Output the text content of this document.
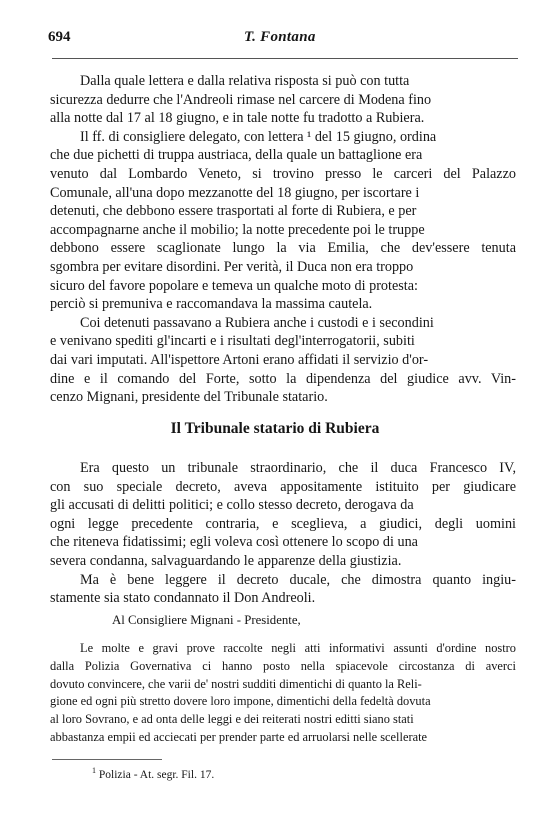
694	T. Fontana
Dalla quale lettera e dalla relativa risposta si può con tutta
sicurezza dedurre che l'Andreoli rimase nel carcere di Modena fino
alla notte dal 17 al 18 giugno, e in tale notte fu tradotto a Rubiera.
Il ff. di consigliere delegato, con lettera ¹ del 15 giugno, ordina
che due pichetti di truppa austriaca, della quale un battaglione era
venuto dal Lombardo Veneto, si trovino presso le carceri del Palazzo
Comunale, all'una dopo mezzanotte del 18 giugno, per iscortare i
detenuti, che debbono essere trasportati al forte di Rubiera, e per
accompagnarne anche il mobilio; la notte precedente poi le truppe
debbono essere scaglionate lungo la via Emilia, che dev'essere tenuta
sgombra per evitare disordini. Per verità, il Duca non era troppo
sicuro del favore popolare e temeva un qualche moto di protesta:
perciò si premuniva e raccomandava la massima cautela.
Coi detenuti passavano a Rubiera anche i custodi e i secondini
e venivano spediti gl'incarti e i risultati degl'interrogatorii, subiti
dai vari imputati. All'ispettore Artoni erano affidati il servizio d'or-
dine e il comando del Forte, sotto la dipendenza del giudice avv. Vin-
cenzo Mignani, presidente del Tribunale statario.
Il Tribunale statario di Rubiera
Era questo un tribunale straordinario, che il duca Francesco IV,
con suo speciale decreto, aveva appositamente istituito per giudicare
gli accusati di delitti politici; e collo stesso decreto, derogava da
ogni legge precedente contraria, e sceglieva, a giudici, degli uomini
che riteneva fidatissimi; egli voleva così ottenere lo scopo di una
severa condanna, salvaguardando le apparenze della giustizia.
Ma è bene leggere il decreto ducale, che dimostra quanto ingiu-
stamente sia stato condannato il Don Andreoli.
Al Consigliere Mignani - Presidente,
Le molte e gravi prove raccolte negli atti informativi assunti d'ordine nostro
dalla Polizia Governativa ci hanno posto nella spiacevole circostanza di averci
dovuto convincere, che varii de' nostri sudditi dimentichi di quanto la Reli-
gione ed ogni più stretto dovere loro impone, dimentichi della fedeltà dovuta
al loro Sovrano, e ad onta delle leggi e dei reiterati nostri editti siano stati
abbastanza empii ed acciecati per prender parte ed arruolarsi nelle scellerate
$^1$ Polizia - At. segr. Fil. 17.
